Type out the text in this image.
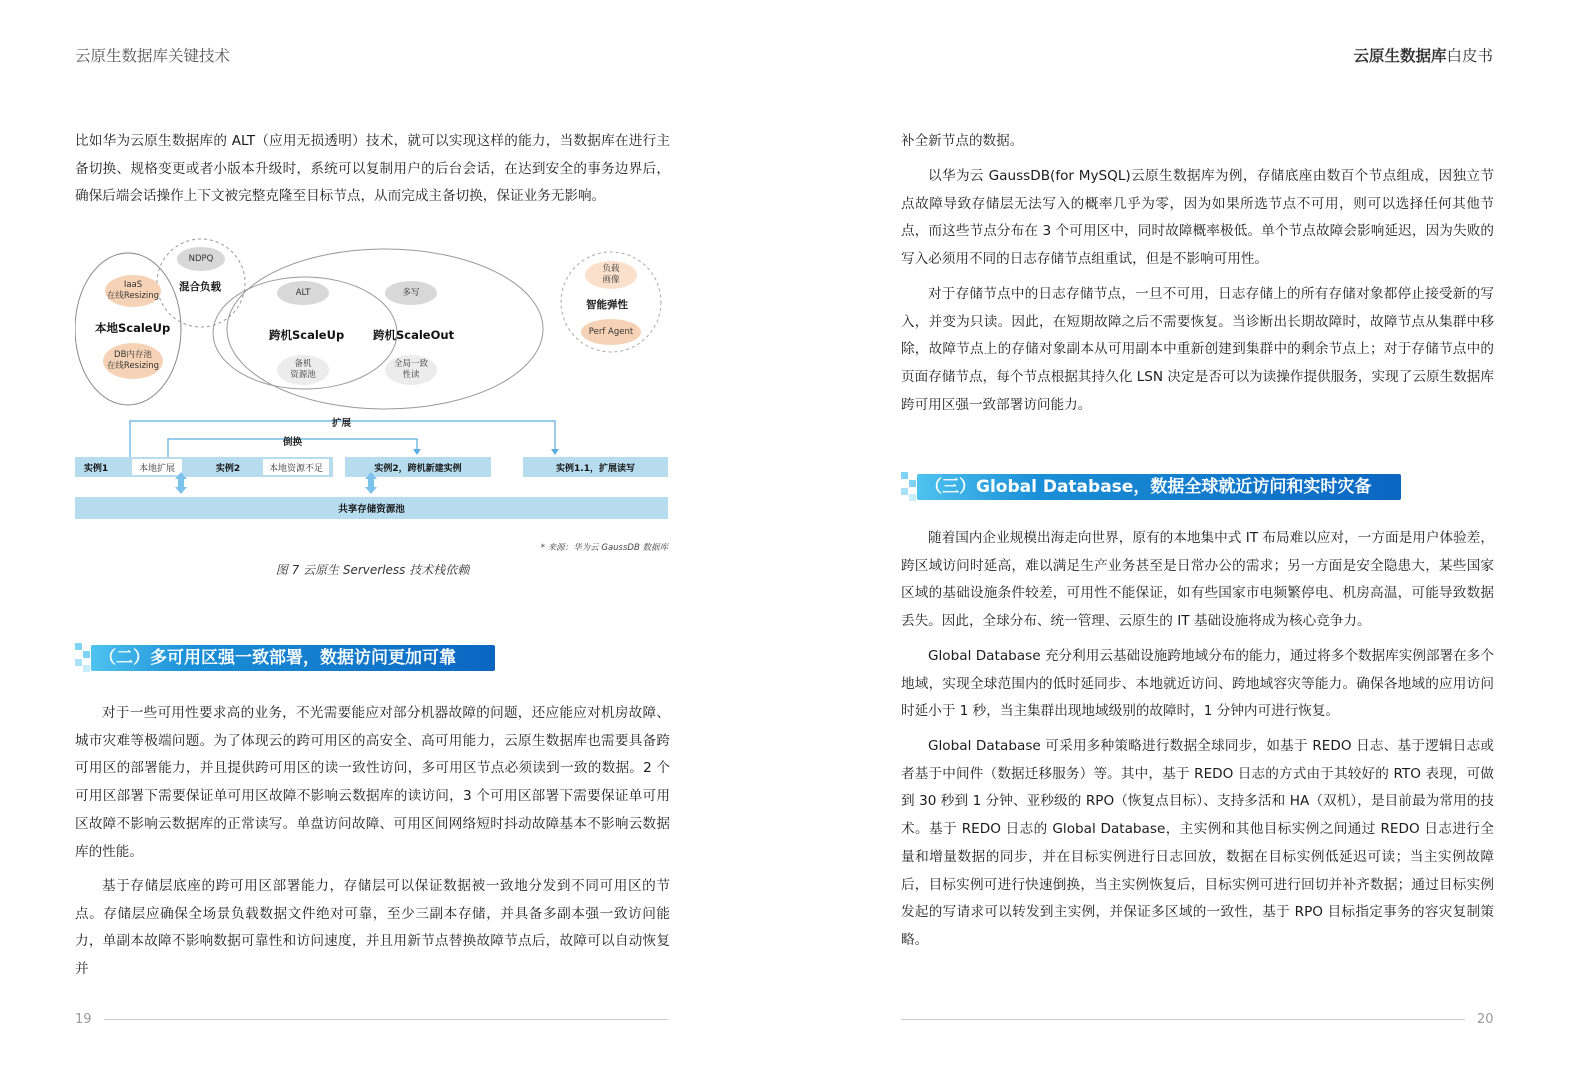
云原生数据库关键技术
比如华为云原生数据库的 ALT（应用无损透明）技术，就可以实现这样的能力，当数据库在进行主备切换、规格变更或者小版本升级时，系统可以复制用户的后台会话，在达到安全的事务边界后，确保后端会话操作上下文被完整克隆至目标节点，从而完成主备切换，保证业务无影响。
NDPQ
混合负载
IaaS
在线Resizing
本地ScaleUp
DB内存池
在线Resizing
ALT
跨机ScaleUp
备机
资源池
多写
跨机ScaleOut
全局一致
性读
负载
画像
智能弹性
Perf Agent
扩展
倒换
实例1	本地扩展	实例2	本地资源不足	实例2，跨机新建实例	实例1.1，扩展读写
共享存储资源池
* 来源：华为云 GaussDB 数据库
图 7 云原生 Serverless 技术栈依赖
（二）多可用区强一致部署，数据访问更加可靠
对于一些可用性要求高的业务，不光需要能应对部分机器故障的问题，还应能应对机房故障、城市灾难等极端问题。为了体现云的跨可用区的高安全、高可用能力，云原生数据库也需要具备跨可用区的部署能力，并且提供跨可用区的读一致性访问，多可用区节点必须读到一致的数据。2 个可用区部署下需要保证单可用区故障不影响云数据库的读访问，3 个可用区部署下需要保证单可用区故障不影响云数据库的正常读写。单盘访问故障、可用区间网络短时抖动故障基本不影响云数据库的性能。
基于存储层底座的跨可用区部署能力，存储层可以保证数据被一致地分发到不同可用区的节点。存储层应确保全场景负载数据文件绝对可靠，至少三副本存储，并具备多副本强一致访问能力，单副本故障不影响数据可靠性和访问速度，并且用新节点替换故障节点后，故障可以自动恢复并
19
云原生数据库白皮书
补全新节点的数据。
以华为云 GaussDB(for MySQL)云原生数据库为例，存储底座由数百个节点组成，因独立节点故障导致存储层无法写入的概率几乎为零，因为如果所选节点不可用，则可以选择任何其他节点，而这些节点分布在 3 个可用区中，同时故障概率极低。单个节点故障会影响延迟，因为失败的写入必须用不同的日志存储节点组重试，但是不影响可用性。
对于存储节点中的日志存储节点，一旦不可用，日志存储上的所有存储对象都停止接受新的写入，并变为只读。因此，在短期故障之后不需要恢复。当诊断出长期故障时，故障节点从集群中移除，故障节点上的存储对象副本从可用副本中重新创建到集群中的剩余节点上；对于存储节点中的页面存储节点，每个节点根据其持久化 LSN 决定是否可以为读操作提供服务，实现了云原生数据库跨可用区强一致部署访问能力。
（三）Global Database，数据全球就近访问和实时灾备
随着国内企业规模出海走向世界，原有的本地集中式 IT 布局难以应对，一方面是用户体验差，跨区域访问时延高，难以满足生产业务甚至是日常办公的需求；另一方面是安全隐患大，某些国家区域的基础设施条件较差，可用性不能保证，如有些国家市电频繁停电、机房高温，可能导致数据丢失。因此，全球分布、统一管理、云原生的 IT 基础设施将成为核心竞争力。
Global Database 充分利用云基础设施跨地域分布的能力，通过将多个数据库实例部署在多个地域，实现全球范围内的低时延同步、本地就近访问、跨地域容灾等能力。确保各地域的应用访问时延小于 1 秒，当主集群出现地域级别的故障时，1 分钟内可进行恢复。
Global Database 可采用多种策略进行数据全球同步，如基于 REDO 日志、基于逻辑日志或者基于中间件（数据迁移服务）等。其中，基于 REDO 日志的方式由于其较好的 RTO 表现，可做到 30 秒到 1 分钟、亚秒级的 RPO（恢复点目标）、支持多活和 HA（双机），是目前最为常用的技术。基于 REDO 日志的 Global Database，主实例和其他目标实例之间通过 REDO 日志进行全量和增量数据的同步，并在目标实例进行日志回放，数据在目标实例低延迟可读；当主实例故障后，目标实例可进行快速倒换，当主实例恢复后，目标实例可进行回切并补齐数据；通过目标实例发起的写请求可以转发到主实例，并保证多区域的一致性，基于 RPO 目标指定事务的容灾复制策略。
20
